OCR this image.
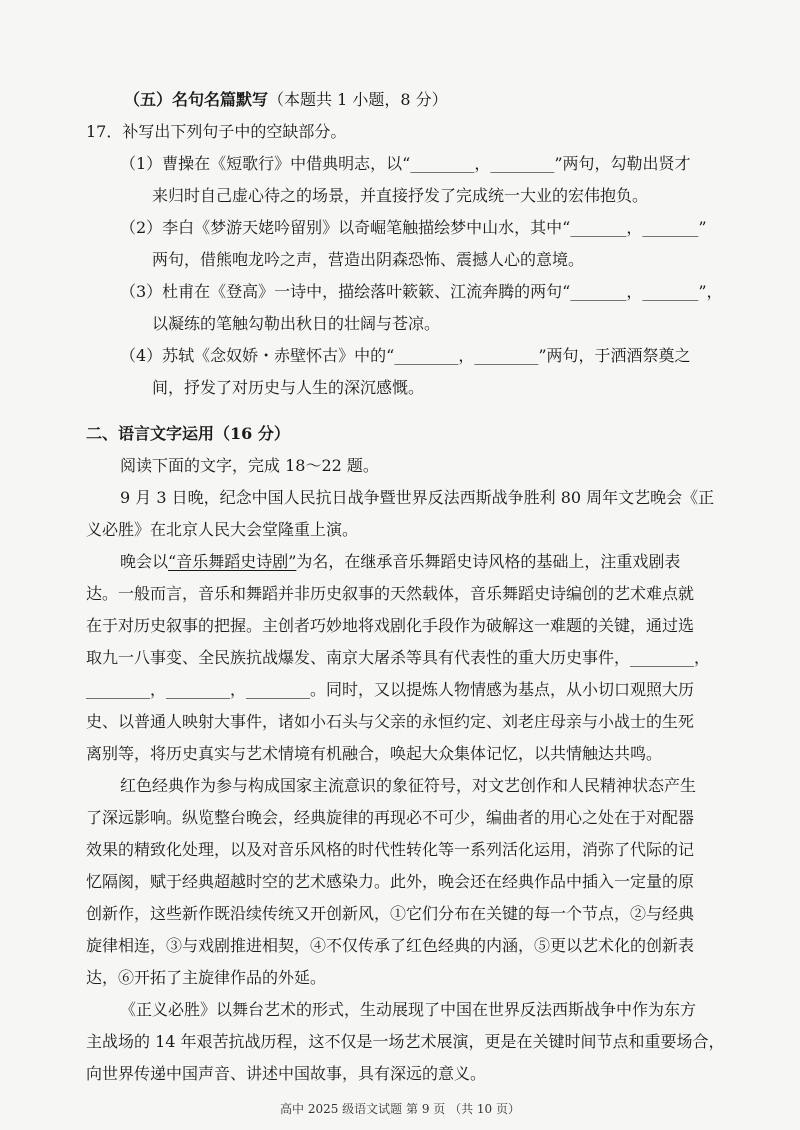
（五）名句名篇默写（本题共 1 小题，8 分）
17．补写出下列句子中的空缺部分。
（1）曹操在《短歌行》中借典明志，以“________，________”两句，勾勒出贤才
来归时自己虚心待之的场景，并直接抒发了完成统一大业的宏伟抱负。
（2）李白《梦游天姥吟留别》以奇崛笔触描绘梦中山水，其中“_______，_______”
两句，借熊咆龙吟之声，营造出阴森恐怖、震撼人心的意境。
（3）杜甫在《登高》一诗中，描绘落叶簌簌、江流奔腾的两句“_______，_______”，
以凝练的笔触勾勒出秋日的壮阔与苍凉。
（4）苏轼《念奴娇・赤壁怀古》中的“________，________”两句，于洒酒祭奠之
间，抒发了对历史与人生的深沉感慨。
二、语言文字运用（16 分）
阅读下面的文字，完成 18～22 题。
9 月 3 日晚，纪念中国人民抗日战争暨世界反法西斯战争胜利 80 周年文艺晚会《正
义必胜》在北京人民大会堂隆重上演。
晚会以“音乐舞蹈史诗剧”为名，在继承音乐舞蹈史诗风格的基础上，注重戏剧表
达。一般而言，音乐和舞蹈并非历史叙事的天然载体，音乐舞蹈史诗编创的艺术难点就
在于对历史叙事的把握。主创者巧妙地将戏剧化手段作为破解这一难题的关键，通过选
取九一八事变、全民族抗战爆发、南京大屠杀等具有代表性的重大历史事件，________，
________，________，________。同时，又以提炼人物情感为基点，从小切口观照大历
史、以普通人映射大事件，诸如小石头与父亲的永恒约定、刘老庄母亲与小战士的生死
离别等，将历史真实与艺术情境有机融合，唤起大众集体记忆，以共情触达共鸣。
红色经典作为参与构成国家主流意识的象征符号，对文艺创作和人民精神状态产生
了深远影响。纵览整台晚会，经典旋律的再现必不可少，编曲者的用心之处在于对配器
效果的精致化处理，以及对音乐风格的时代性转化等一系列活化运用，消弥了代际的记
忆隔阂，赋于经典超越时空的艺术感染力。此外，晚会还在经典作品中插入一定量的原
创新作，这些新作既沿续传统又开创新风，①它们分布在关键的每一个节点，②与经典
旋律相连，③与戏剧推进相契，④不仅传承了红色经典的内涵，⑤更以艺术化的创新表
达，⑥开拓了主旋律作品的外延。
《正义必胜》以舞台艺术的形式，生动展现了中国在世界反法西斯战争中作为东方
主战场的 14 年艰苦抗战历程，这不仅是一场艺术展演，更是在关键时间节点和重要场合，
向世界传递中国声音、讲述中国故事，具有深远的意义。
高中 2025 级语文试题 第 9 页 （共 10 页）
